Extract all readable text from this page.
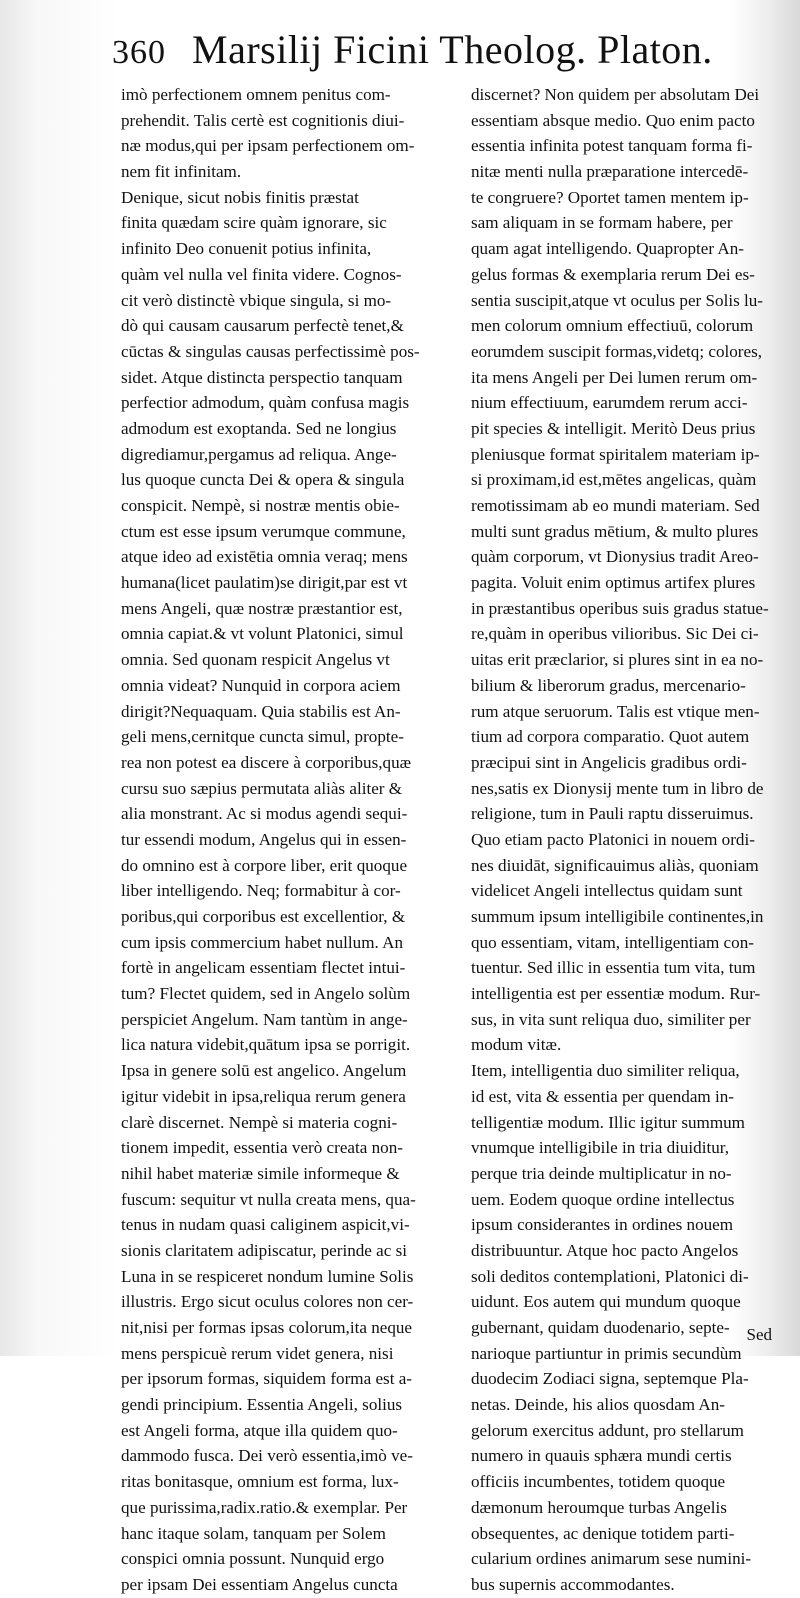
360 Marsilij Ficini Theolog. Platon.
imò perfectionem omnem penitus com-
prehendit. Talis certè est cognitionis diui-
næ modus,qui per ipsam perfectionem om-
nem fit infinitam.
Denique, sicut nobis finitis præstat
finita quædam scire quàm ignorare, sic
infinito Deo conuenit potius infinita,
quàm vel nulla vel finita videre. Cognos-
cit verò distinctè vbique singula, si mo-
dò qui causam causarum perfectè tenet,&
cūctas & singulas causas perfectissimè pos-
sidet. Atque distincta perspectio tanquam
perfectior admodum, quàm confusa magis
admodum est exoptanda. Sed ne longius
digrediamur,pergamus ad reliqua. Ange-
lus quoque cuncta Dei & opera & singula
conspicit. Nempè, si nostræ mentis obie-
ctum est esse ipsum verumque commune,
atque ideo ad existētia omnia veraq; mens
humana(licet paulatim)se dirigit,par est vt
mens Angeli, quæ nostræ præstantior est,
omnia capiat.& vt volunt Platonici, simul
omnia. Sed quonam respicit Angelus vt
omnia videat? Nunquid in corpora aciem
dirigit?Nequaquam. Quia stabilis est An-
geli mens,cernitque cuncta simul, propte-
rea non potest ea discere à corporibus,quæ
cursu suo sæpius permutata aliàs aliter &
alia monstrant. Ac si modus agendi sequi-
tur essendi modum, Angelus qui in essen-
do omnino est à corpore liber, erit quoque
liber intelligendo. Neq; formabitur à cor-
poribus,qui corporibus est excellentior, &
cum ipsis commercium habet nullum. An
fortè in angelicam essentiam flectet intui-
tum? Flectet quidem, sed in Angelo solùm
perspiciet Angelum. Nam tantùm in ange-
lica natura videbit,quātum ipsa se porrigit.
Ipsa in genere solū est angelico. Angelum
igitur videbit in ipsa,reliqua rerum genera
clarè discernet. Nempè si materia cogni-
tionem impedit, essentia verò creata non-
nihil habet materiæ simile informeque &
fuscum: sequitur vt nulla creata mens, qua-
tenus in nudam quasi caliginem aspicit,vi-
sionis claritatem adipiscatur, perinde ac si
Luna in se respiceret nondum lumine Solis
illustris. Ergo sicut oculus colores non cer-
nit,nisi per formas ipsas colorum,ita neque
mens perspicuè rerum videt genera, nisi
per ipsorum formas, siquidem forma est a-
gendi principium. Essentia Angeli, solius
est Angeli forma, atque illa quidem quo-
dammodo fusca. Dei verò essentia,imò ve-
ritas bonitasque, omnium est forma, lux-
que purissima,radix.ratio.& exemplar. Per
hanc itaque solam, tanquam per Solem
conspici omnia possunt. Nunquid ergo
per ipsam Dei essentiam Angelus cuncta
discernet? Non quidem per absolutam Dei
essentiam absque medio. Quo enim pacto
essentia infinita potest tanquam forma fi-
nitæ menti nulla præparatione intercedē-
te congruere? Oportet tamen mentem ip-
sam aliquam in se formam habere, per
quam agat intelligendo. Quapropter An-
gelus formas & exemplaria rerum Dei es-
sentia suscipit,atque vt oculus per Solis lu-
men colorum omnium effectiuū, colorum
eorumdem suscipit formas,videtq; colores,
ita mens Angeli per Dei lumen rerum om-
nium effectiuum, earumdem rerum acci-
pit species & intelligit. Meritò Deus prius
pleniusque format spiritalem materiam ip-
si proximam,id est,mētes angelicas, quàm
remotissimam ab eo mundi materiam. Sed
multi sunt gradus mētium, & multo plures
quàm corporum, vt Dionysius tradit Areo-
pagita. Voluit enim optimus artifex plures
in præstantibus operibus suis gradus statue-
re,quàm in operibus vilioribus. Sic Dei ci-
uitas erit præclarior, si plures sint in ea no-
bilium & liberorum gradus, mercenario-
rum atque seruorum. Talis est vtique men-
tium ad corpora comparatio. Quot autem
præcipui sint in Angelicis gradibus ordi-
nes,satis ex Dionysij mente tum in libro de
religione, tum in Pauli raptu disseruimus.
Quo etiam pacto Platonici in nouem ordi-
nes diuidāt, significauimus aliàs, quoniam
videlicet Angeli intellectus quidam sunt
summum ipsum intelligibile continentes,in
quo essentiam, vitam, intelligentiam con-
tuentur. Sed illic in essentia tum vita, tum
intelligentia est per essentiæ modum. Rur-
sus, in vita sunt reliqua duo, similiter per
modum vitæ.
Item, intelligentia duo similiter reliqua,
id est, vita & essentia per quendam in-
telligentiæ modum. Illic igitur summum
vnumque intelligibile in tria diuiditur,
perque tria deinde multiplicatur in no-
uem. Eodem quoque ordine intellectus
ipsum considerantes in ordines nouem
distribuuntur. Atque hoc pacto Angelos
soli deditos contemplationi, Platonici di-
uidunt. Eos autem qui mundum quoque
gubernant, quidam duodenario, septe-
narioque partiuntur in primis secundùm
duodecim Zodiaci signa, septemque Pla-
netas. Deinde, his alios quosdam An-
gelorum exercitus addunt, pro stellarum
numero in quauis sphæra mundi certis
officiis incumbentes, totidem quoque
dæmonum heroumque turbas Angelis
obsequentes, ac denique totidem parti-
cularium ordines animarum sese numini-
bus supernis accommodantes.
Sed
